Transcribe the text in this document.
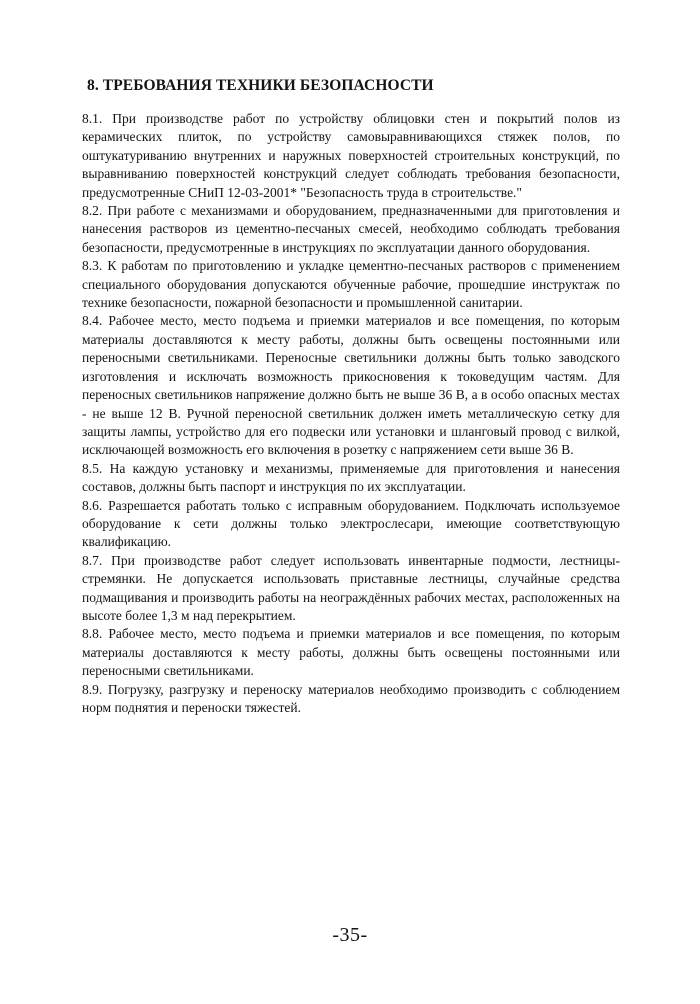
8. ТРЕБОВАНИЯ ТЕХНИКИ БЕЗОПАСНОСТИ

8.1. При производстве работ по устройству облицовки стен и покрытий полов из керамических плиток, по устройству самовыравнивающихся стяжек полов, по оштукатуриванию внутренних и наружных поверхностей строительных конструкций, по выравниванию поверхностей конструкций следует соблюдать требования безопасности, предусмотренные СНиП 12-03-2001* "Безопасность труда в строительстве."

8.2. При работе с механизмами и оборудованием, предназначенными для приготовления и нанесения растворов из цементно-песчаных смесей, необходимо соблюдать требования безопасности, предусмотренные в инструкциях по эксплуатации данного оборудования.

8.3. К работам по приготовлению и укладке цементно-песчаных растворов с применением специального оборудования допускаются обученные рабочие, прошедшие инструктаж по технике безопасности, пожарной безопасности и промышленной санитарии.

8.4. Рабочее место, место подъема и приемки материалов и все помещения, по которым материалы доставляются к месту работы, должны быть освещены постоянными или переносными светильниками. Переносные светильники должны быть только заводского изготовления и исключать возможность прикосновения к токоведущим частям. Для переносных светильников напряжение должно быть не выше 36 В, а в особо опасных местах - не выше 12 В. Ручной переносной светильник должен иметь металлическую сетку для защиты лампы, устройство для его подвески или установки и шланговый провод с вилкой, исключающей возможность его включения в розетку с напряжением сети выше 36 В.

8.5. На каждую установку и механизмы, применяемые для приготовления и нанесения составов, должны быть паспорт и инструкция по их эксплуатации.

8.6. Разрешается работать только с исправным оборудованием. Подключать используемое оборудование к сети должны только электрослесари, имеющие соответствующую квалификацию.

8.7. При производстве работ следует использовать инвентарные подмости, лестницы-стремянки. Не допускается использовать приставные лестницы, случайные средства подмащивания и производить работы на неограждённых рабочих местах, расположенных на высоте более 1,3 м над перекрытием.

8.8. Рабочее место, место подъема и приемки материалов и все помещения, по которым материалы доставляются к месту работы, должны быть освещены постоянными или переносными светильниками.

8.9. Погрузку, разгрузку и переноску материалов необходимо производить с соблюдением норм поднятия и переноски тяжестей.

-35-
